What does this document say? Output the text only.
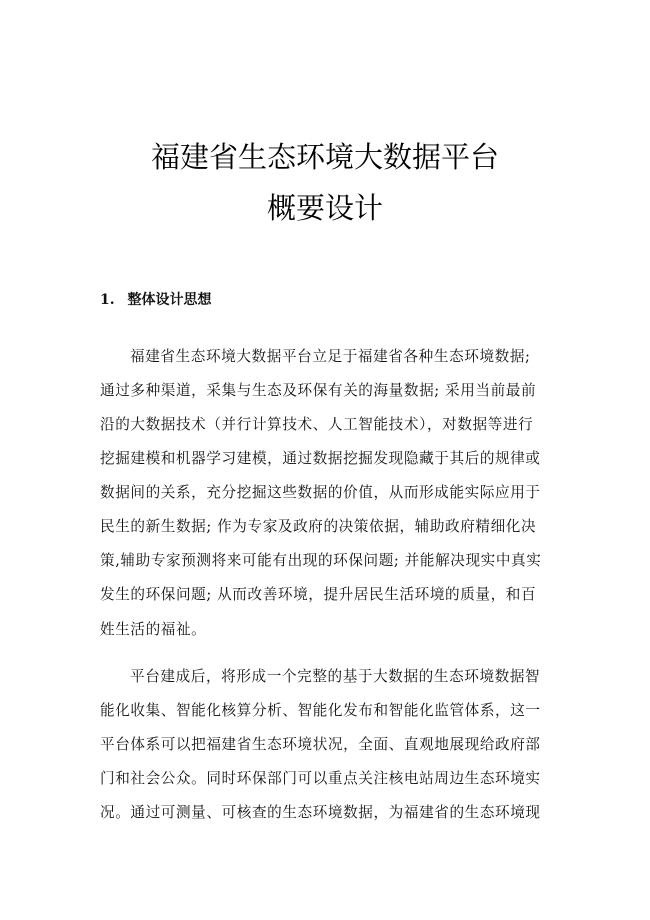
福建省生态环境大数据平台
概要设计
1. 整体设计思想
福建省生态环境大数据平台立足于福建省各种生态环境数据;
通过多种渠道，采集与生态及环保有关的海量数据; 采用当前最前
沿的大数据技术（并行计算技术、人工智能技术），对数据等进行
挖掘建模和机器学习建模，通过数据挖掘发现隐藏于其后的规律或
数据间的关系，充分挖掘这些数据的价值，从而形成能实际应用于
民生的新生数据; 作为专家及政府的决策依据，辅助政府精细化决
策,辅助专家预测将来可能有出现的环保问题; 并能解决现实中真实
发生的环保问题; 从而改善环境，提升居民生活环境的质量，和百
姓生活的福祉。
平台建成后，将形成一个完整的基于大数据的生态环境数据智
能化收集、智能化核算分析、智能化发布和智能化监管体系，这一
平台体系可以把福建省生态环境状况，全面、直观地展现给政府部
门和社会公众。同时环保部门可以重点关注核电站周边生态环境实
况。通过可测量、可核查的生态环境数据，为福建省的生态环境现
